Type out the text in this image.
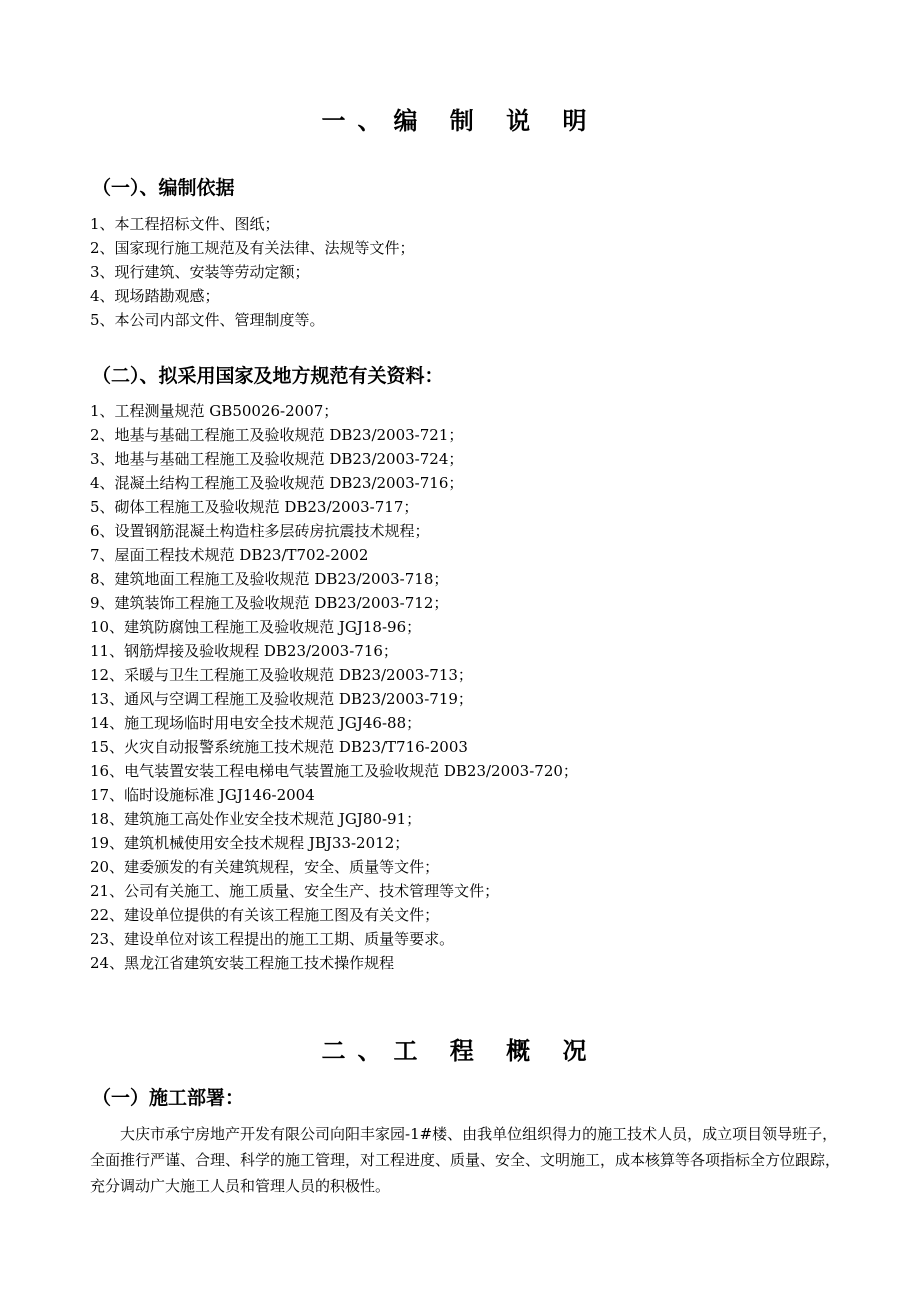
一、编 制 说 明
（一）、编制依据
1、本工程招标文件、图纸；
2、国家现行施工规范及有关法律、法规等文件；
3、现行建筑、安装等劳动定额；
4、现场踏勘观感；
5、本公司内部文件、管理制度等。
（二）、拟采用国家及地方规范有关资料：
1、工程测量规范 GB50026-2007；
2、地基与基础工程施工及验收规范 DB23/2003-721；
3、地基与基础工程施工及验收规范 DB23/2003-724；
4、混凝土结构工程施工及验收规范 DB23/2003-716；
5、砌体工程施工及验收规范 DB23/2003-717；
6、设置钢筋混凝土构造柱多层砖房抗震技术规程；
7、屋面工程技术规范 DB23/T702-2002
8、建筑地面工程施工及验收规范 DB23/2003-718；
9、建筑装饰工程施工及验收规范 DB23/2003-712；
10、建筑防腐蚀工程施工及验收规范 JGJ18-96；
11、钢筋焊接及验收规程 DB23/2003-716；
12、采暖与卫生工程施工及验收规范 DB23/2003-713；
13、通风与空调工程施工及验收规范 DB23/2003-719；
14、施工现场临时用电安全技术规范 JGJ46-88；
15、火灾自动报警系统施工技术规范 DB23/T716-2003
16、电气装置安装工程电梯电气装置施工及验收规范 DB23/2003-720；
17、临时设施标准 JGJ146-2004
18、建筑施工高处作业安全技术规范 JGJ80-91；
19、建筑机械使用安全技术规程 JBJ33-2012；
20、建委颁发的有关建筑规程，安全、质量等文件；
21、公司有关施工、施工质量、安全生产、技术管理等文件；
22、建设单位提供的有关该工程施工图及有关文件；
23、建设单位对该工程提出的施工工期、质量等要求。
24、黑龙江省建筑安装工程施工技术操作规程
二、工 程 概 况
（一）施工部署：

大庆市承宁房地产开发有限公司向阳丰家园-1#楼、由我单位组织得力的施工技术人员，成立项目领导班子，全面推行严谨、合理、科学的施工管理，对工程进度、质量、安全、文明施工，成本核算等各项指标全方位跟踪，充分调动广大施工人员和管理人员的积极性。
